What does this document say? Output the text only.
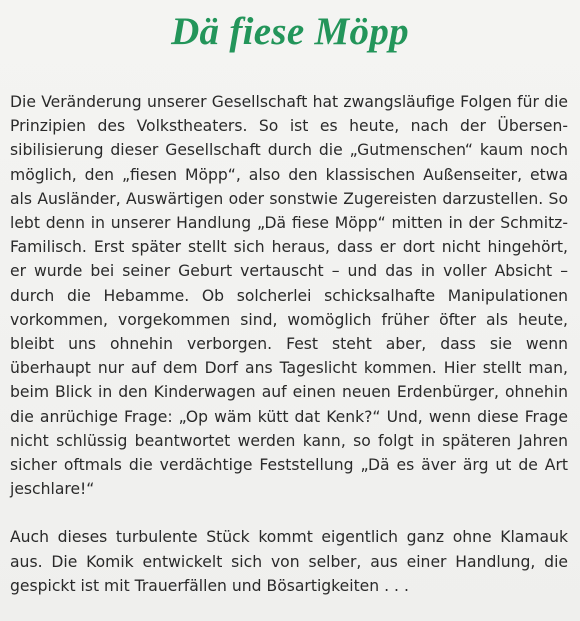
Dä fiese Möpp

Die Veränderung unserer Gesellschaft hat zwangsläufige Folgen für die Prinzipien des Volkstheaters. So ist es heute, nach der Übersensibilisierung dieser Gesellschaft durch die „Gutmenschen“ kaum noch möglich, den „fiesen Möpp“, also den klassischen Außenseiter, etwa als Ausländer, Auswärtigen oder sonstwie Zugereisten darzustellen. So lebt denn in unserer Handlung „Dä fiese Möpp“ mitten in der Schmitz-Familisch. Erst später stellt sich heraus, dass er dort nicht hingehört, er wurde bei seiner Geburt vertauscht – und das in voller Absicht – durch die Hebamme. Ob solcherlei schicksalhafte Manipulationen vorkommen, vorgekommen sind, womöglich früher öfter als heute, bleibt uns ohnehin verborgen. Fest steht aber, dass sie wenn überhaupt nur auf dem Dorf ans Tageslicht kommen. Hier stellt man, beim Blick in den Kinderwagen auf einen neuen Erdenbürger, ohnehin die anrüchige Frage: „Op wäm kütt dat Kenk?“ Und, wenn diese Frage nicht schlüssig beantwortet werden kann, so folgt in späteren Jahren sicher oftmals die verdächtige Feststellung „Dä es äver ärg ut de Art jeschlare!“

Auch dieses turbulente Stück kommt eigentlich ganz ohne Klamauk aus. Die Komik entwickelt sich von selber, aus einer Handlung, die gespickt ist mit Trauerfällen und Bösartigkeiten . . .
